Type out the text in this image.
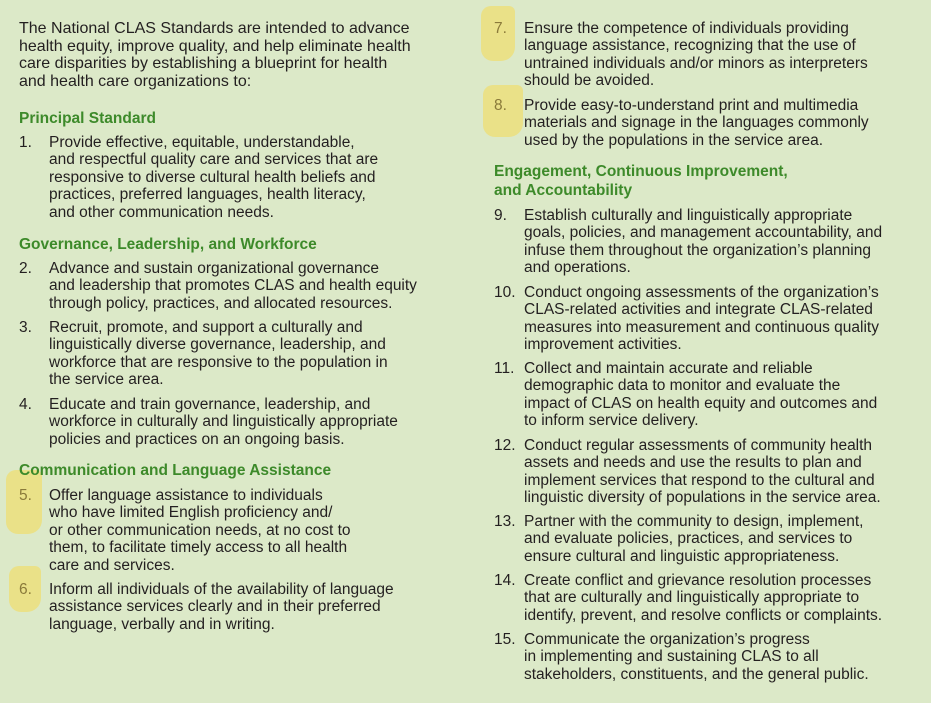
The National CLAS Standards are intended to advance
health equity, improve quality, and help eliminate health
care disparities by establishing a blueprint for health
and health care organizations to:
Principal Standard
1.	Provide effective, equitable, understandable,
and respectful quality care and services that are
responsive to diverse cultural health beliefs and
practices, preferred languages, health literacy,
and other communication needs.
Governance, Leadership, and Workforce
2.	Advance and sustain organizational governance
and leadership that promotes CLAS and health equity
through policy, practices, and allocated resources.
3.	Recruit, promote, and support a culturally and
linguistically diverse governance, leadership, and
workforce that are responsive to the population in
the service area.
4.	Educate and train governance, leadership, and
workforce in culturally and linguistically appropriate
policies and practices on an ongoing basis.
Communication and Language Assistance
5.	Offer language assistance to individuals
who have limited English proficiency and/
or other communication needs, at no cost to
them, to facilitate timely access to all health
care and services.
6.	Inform all individuals of the availability of language
assistance services clearly and in their preferred
language, verbally and in writing.
7.	Ensure the competence of individuals providing
language assistance, recognizing that the use of
untrained individuals and/or minors as interpreters
should be avoided.
8.	Provide easy-to-understand print and multimedia
materials and signage in the languages commonly
used by the populations in the service area.
Engagement, Continuous Improvement,
and Accountability
9.	Establish culturally and linguistically appropriate
goals, policies, and management accountability, and
infuse them throughout the organization’s planning
and operations.
10. Conduct ongoing assessments of the organization’s
CLAS-related activities and integrate CLAS-related
measures into measurement and continuous quality
improvement activities.
11. Collect and maintain accurate and reliable
demographic data to monitor and evaluate the
impact of CLAS on health equity and outcomes and
to inform service delivery.
12. Conduct regular assessments of community health
assets and needs and use the results to plan and
implement services that respond to the cultural and
linguistic diversity of populations in the service area.
13. Partner with the community to design, implement,
and evaluate policies, practices, and services to
ensure cultural and linguistic appropriateness.
14. Create conflict and grievance resolution processes
that are culturally and linguistically appropriate to
identify, prevent, and resolve conflicts or complaints.
15. Communicate the organization’s progress
in implementing and sustaining CLAS to all
stakeholders, constituents, and the general public.
